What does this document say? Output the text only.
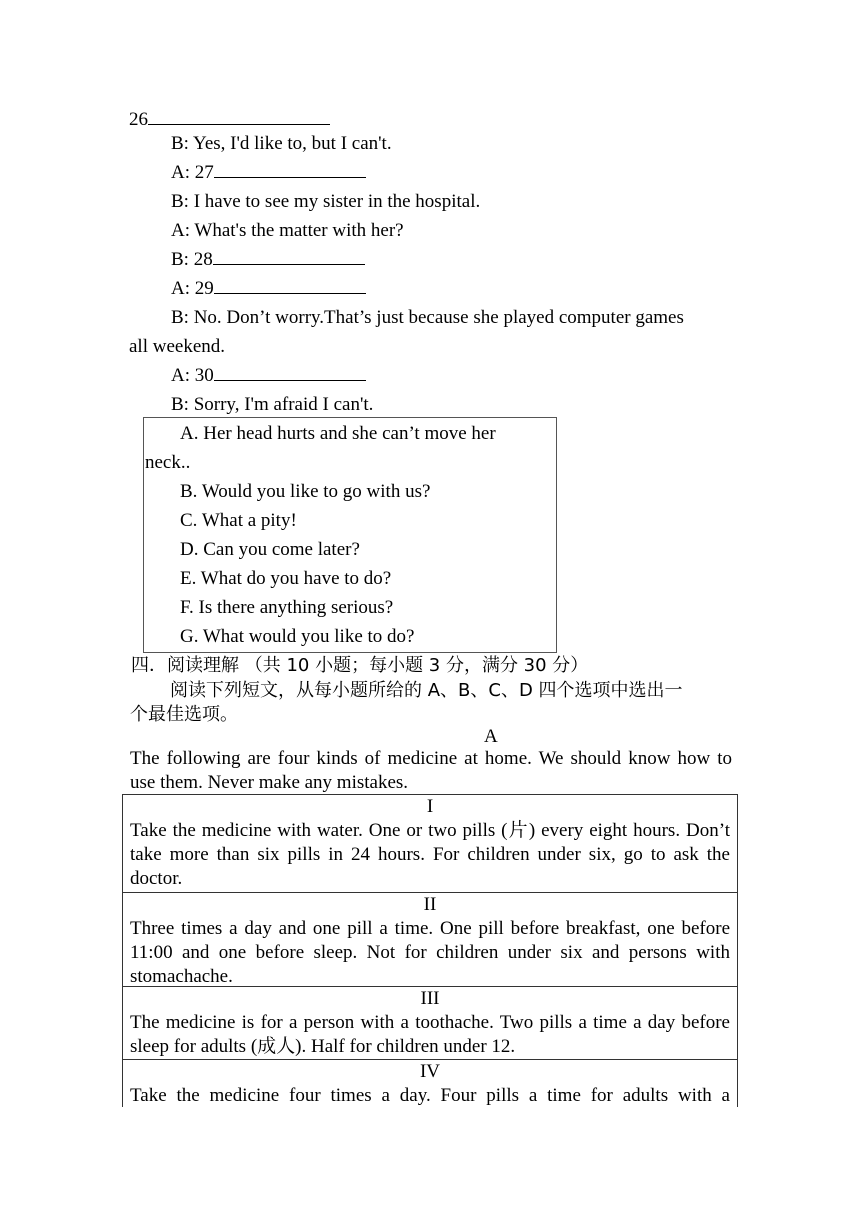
26
B: Yes, I'd like to, but I can't.
A: 27
B: I have to see my sister in the hospital.
A: What's the matter with her?
B: 28
A: 29
B: No. Don’t worry.That’s just because she played computer games
all weekend.
A: 30
B: Sorry, I'm afraid I can't.
A. Her head hurts and she can’t move her
neck..
B. Would you like to go with us?
C. What a pity!
D. Can you come later?
E. What do you have to do?
F. Is there anything serious?
G. What would you like to do?
四．阅读理解 （共 10 小题；每小题 3 分，满分 30 分）
阅读下列短文，从每小题所给的 A、B、C、D 四个选项中选出一
个最佳选项。
A
The following are four kinds of medicine at home. We should know how to use them. Never make any mistakes.
I
Take the medicine with water. One or two pills (片) every eight hours. Don’t take more than six pills in 24 hours. For children under six, go to ask the doctor.
II
Three times a day and one pill a time. One pill before breakfast, one before 11:00 and one before sleep. Not for children under six and persons with stomachache.
III
The medicine is for a person with a toothache. Two pills a time a day before sleep for adults (成人). Half for children under 12.
IV
Take the medicine four times a day. Four pills a time for adults with a
